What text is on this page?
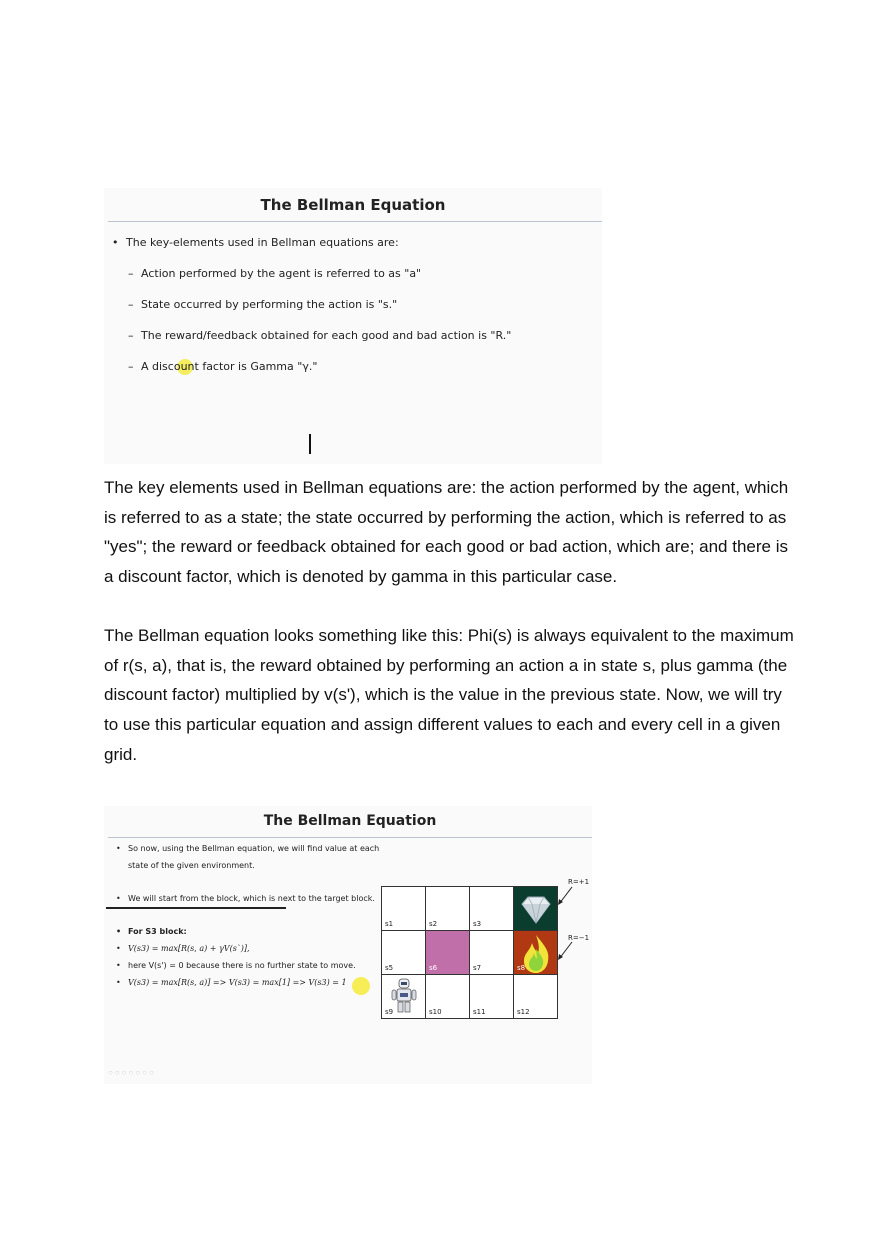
The Bellman Equation
• The key-elements used in Bellman equations are:
– Action performed by the agent is referred to as "a"
– State occurred by performing the action is "s."
– The reward/feedback obtained for each good and bad action is "R."
– A discount factor is Gamma "γ."

The key elements used in Bellman equations are: the action performed by the agent, which is referred to as a state; the state occurred by performing the action, which is referred to as "yes"; the reward or feedback obtained for each good or bad action, which are; and there is a discount factor, which is denoted by gamma in this particular case.

The Bellman equation looks something like this: Phi(s) is always equivalent to the maximum of r(s, a), that is, the reward obtained by performing an action a in state s, plus gamma (the discount factor) multiplied by v(s'), which is the value in the previous state. Now, we will try to use this particular equation and assign different values to each and every cell in a given grid.

The Bellman Equation
• So now, using the Bellman equation, we will find value at each
state of the given environment.
• We will start from the block, which is next to the target block.
• For S3 block:
• V(s3) = max[R(s, a) + γV(s`)],
• here V(s') = 0 because there is no further state to move.
• V(s3) = max[R(s, a)] => V(s3) = max[1] => V(s3) = 1
○○○○○○○
R=+1
R=−1
s1	s2	s3
s5	s6	s7	s8
s9	s10	s11	s12
